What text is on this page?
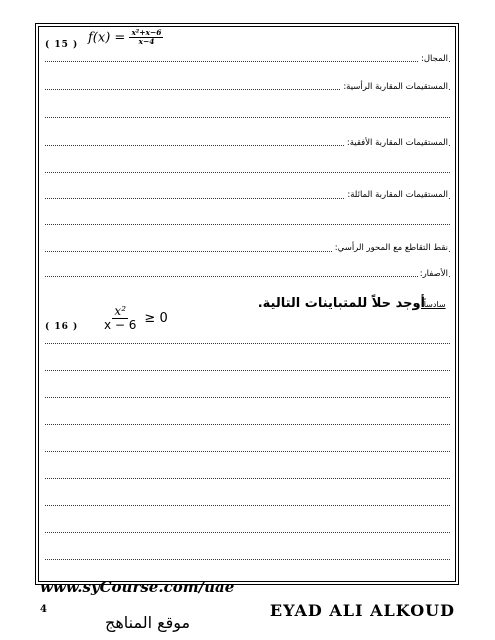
( 15 ) $f(x) = \frac{\text{x²+x−6}}{x-4}$
المجال:
المستقيمات المقاربة الرأسية:
المستقيمات المقاربة الأفقية:
المستقيمات المقاربة المائلة:
نقط التقاطع مع المحور الرأسي:
الأصفار:
سادساً:
أوجد حلاً للمتباينات التالية.
( 16 ) $\frac{\text{x²}}{x - 6} \ge 0$
www.syCourse.com/uae
4	EYAD ALI ALKOUD
موقع المناهج
